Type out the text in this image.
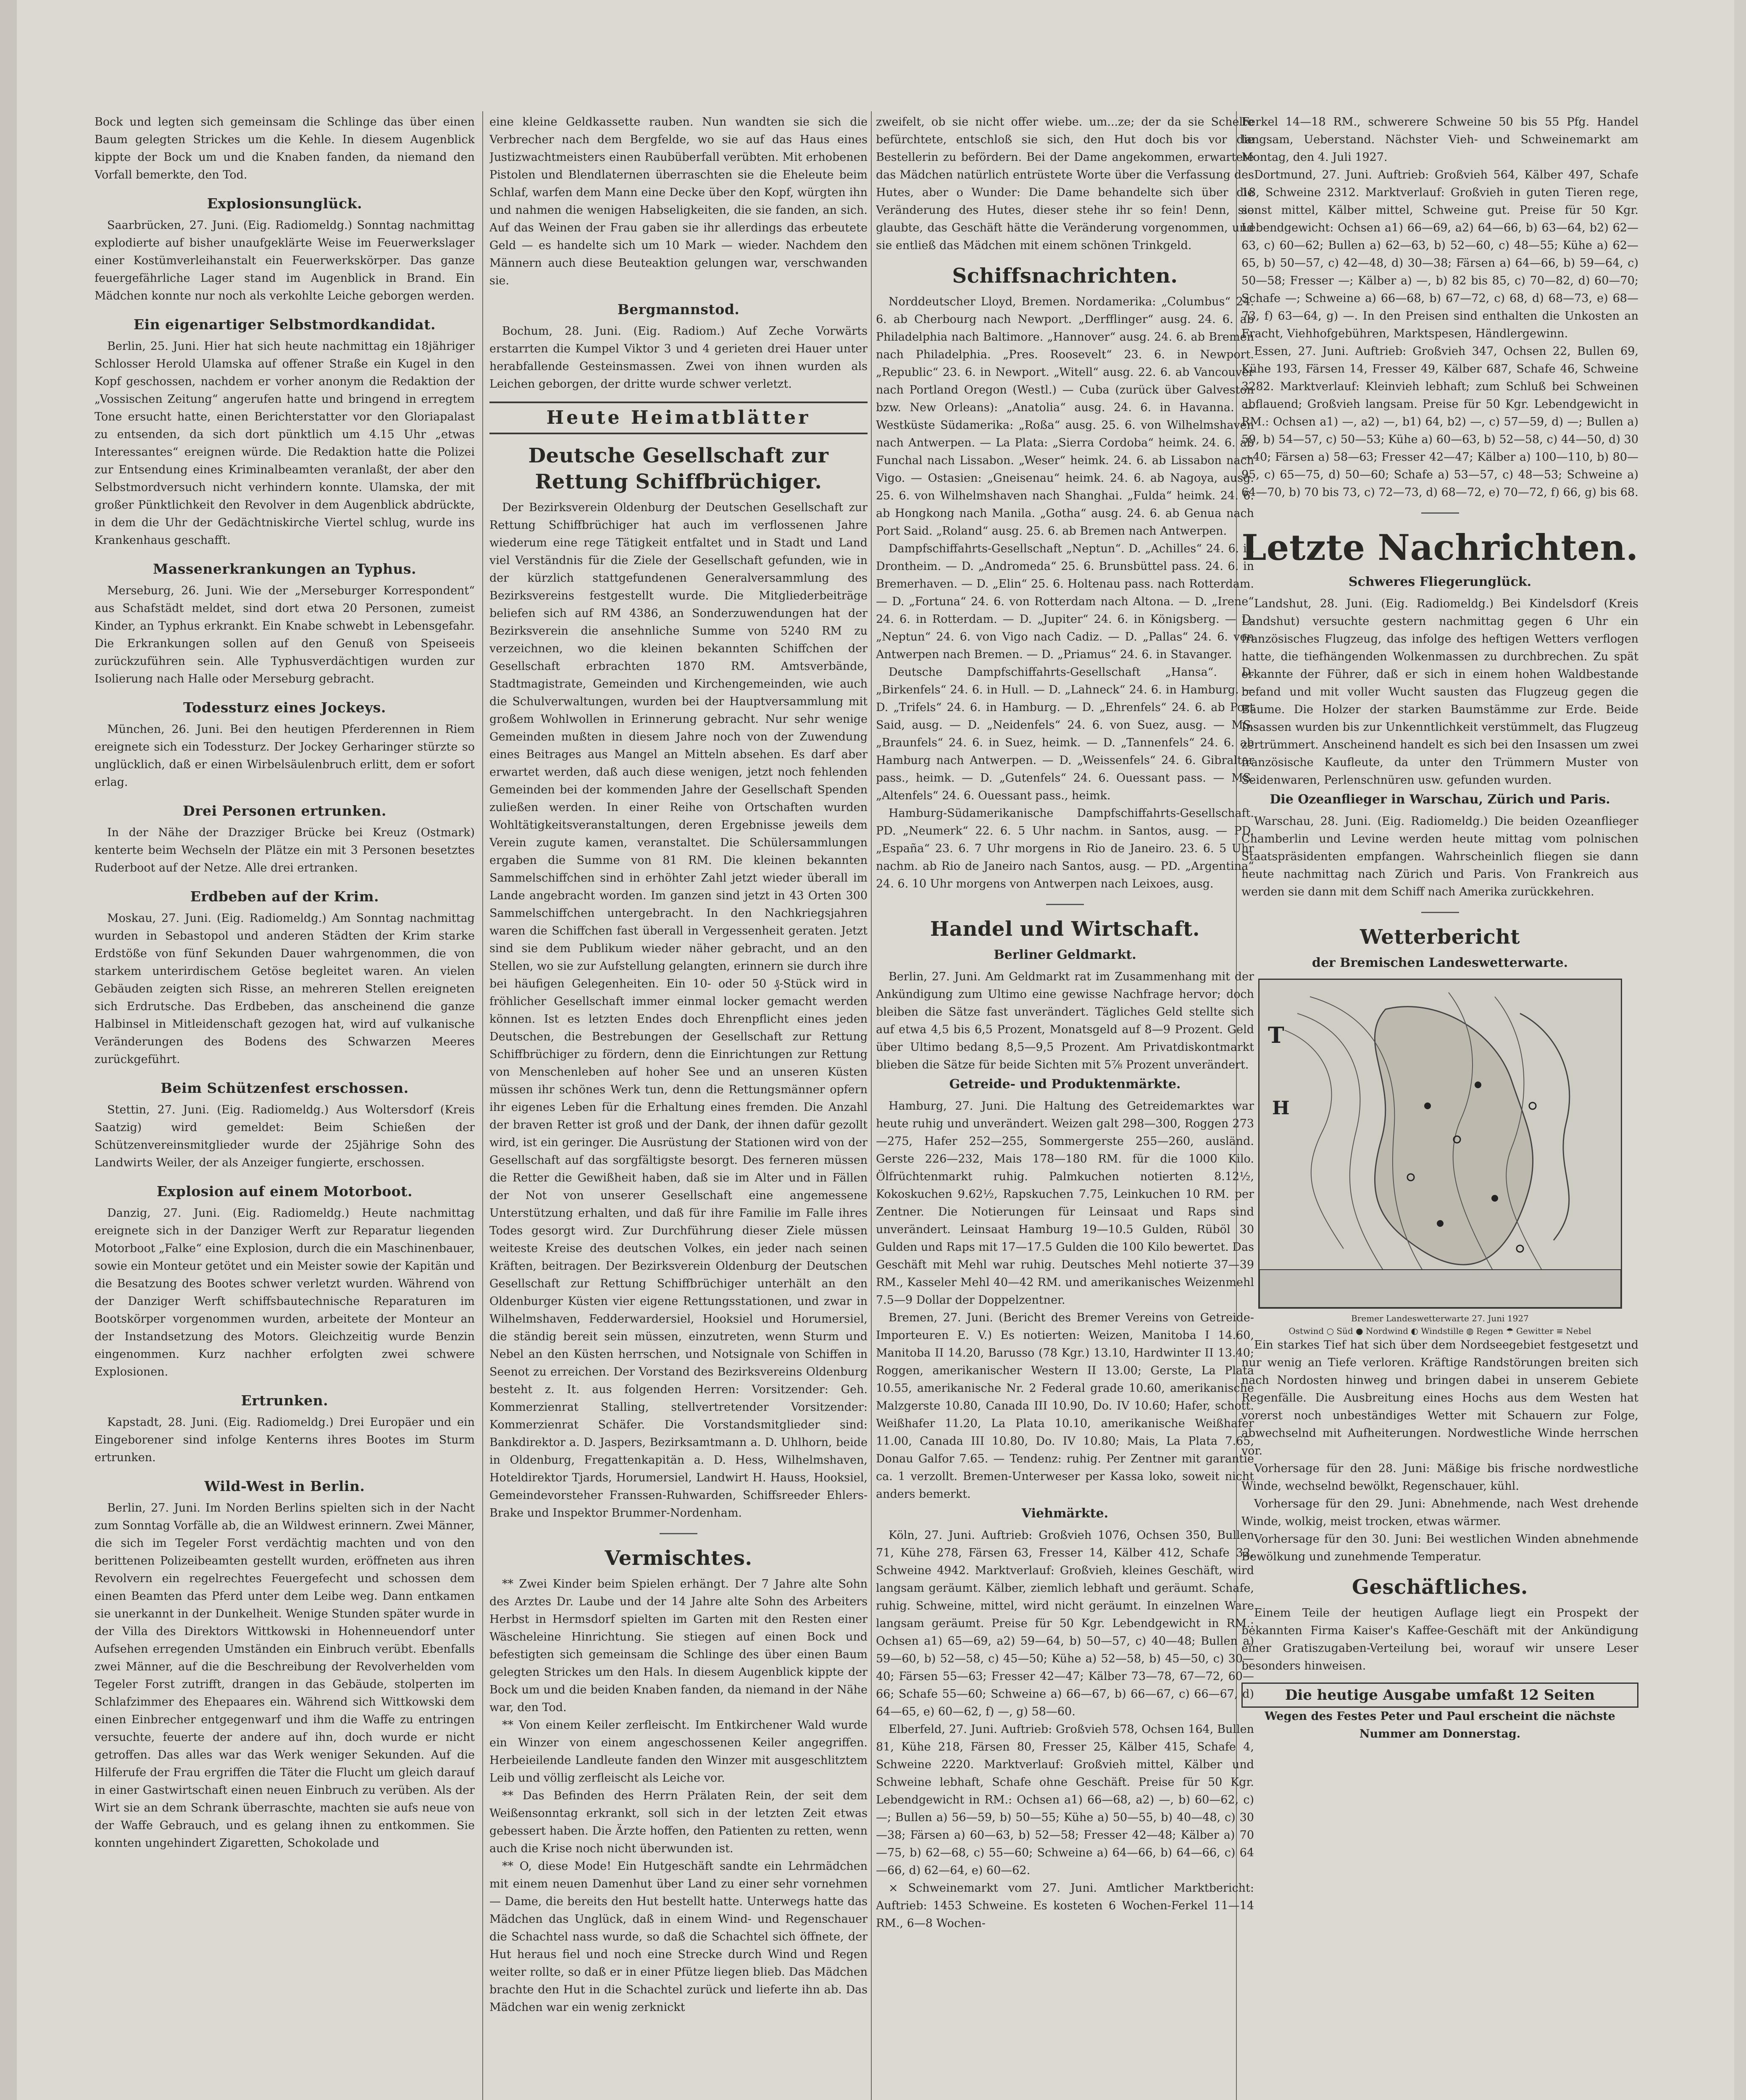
Bock und legten sich gemeinsam die Schlinge das über einen Baum gelegten Strickes um die Kehle. In diesem Augenblick kippte der Bock um und die Knaben fanden, da niemand den Vorfall bemerkte, den Tod.

Explosionsunglück.

Saarbrücken, 27. Juni. (Eig. Radiomeldg.) Sonntag nachmittag explodierte auf bisher unaufgeklärte Weise im Feuerwerkslager einer Kostümverleihanstalt ein Feuerwerkskörper. Das ganze feuergefährliche Lager stand im Augenblick in Brand. Ein Mädchen konnte nur noch als verkohlte Leiche geborgen werden.

Ein eigenartiger Selbstmordkandidat.

Berlin, 25. Juni. Hier hat sich heute nachmittag ein 18jähriger Schlosser Herold Ulamska auf offener Straße ein Kugel in den Kopf geschossen, nachdem er vorher anonym die Redaktion der „Vossischen Zeitung“ angerufen hatte und bringend in erregtem Tone ersucht hatte, einen Berichterstatter vor den Gloriapalast zu entsenden, da sich dort pünktlich um 4.15 Uhr „etwas Interessantes“ ereignen würde. Die Redaktion hatte die Polizei zur Entsendung eines Kriminalbeamten veranlaßt, der aber den Selbstmordversuch nicht verhindern konnte. Ulamska, der mit großer Pünktlichkeit den Revolver in dem Augenblick abdrückte, in dem die Uhr der Gedächtniskirche Viertel schlug, wurde ins Krankenhaus geschafft.

Massenerkrankungen an Typhus.

Merseburg, 26. Juni. Wie der „Merseburger Korrespondent“ aus Schafstädt meldet, sind dort etwa 20 Personen, zumeist Kinder, an Typhus erkrankt. Ein Knabe schwebt in Lebensgefahr. Die Erkrankungen sollen auf den Genuß von Speiseeis zurückzuführen sein. Alle Typhusverdächtigen wurden zur Isolierung nach Halle oder Merseburg gebracht.

Todessturz eines Jockeys.

München, 26. Juni. Bei den heutigen Pferderennen in Riem ereignete sich ein Todessturz. Der Jockey Gerharinger stürzte so unglücklich, daß er einen Wirbelsäulenbruch erlitt, dem er sofort erlag.

Drei Personen ertrunken.

In der Nähe der Drazziger Brücke bei Kreuz (Ostmark) kenterte beim Wechseln der Plätze ein mit 3 Personen besetztes Ruderboot auf der Netze. Alle drei ertranken.

Erdbeben auf der Krim.

Moskau, 27. Juni. (Eig. Radiomeldg.) Am Sonntag nachmittag wurden in Sebastopol und anderen Städten der Krim starke Erdstöße von fünf Sekunden Dauer wahrgenommen, die von starkem unterirdischem Getöse begleitet waren. An vielen Gebäuden zeigten sich Risse, an mehreren Stellen ereigneten sich Erdrutsche. Das Erdbeben, das anscheinend die ganze Halbinsel in Mitleidenschaft gezogen hat, wird auf vulkanische Veränderungen des Bodens des Schwarzen Meeres zurückgeführt.

Beim Schützenfest erschossen.

Stettin, 27. Juni. (Eig. Radiomeldg.) Aus Woltersdorf (Kreis Saatzig) wird gemeldet: Beim Schießen der Schützenvereinsmitglieder wurde der 25jährige Sohn des Landwirts Weiler, der als Anzeiger fungierte, erschossen.

Explosion auf einem Motorboot.

Danzig, 27. Juni. (Eig. Radiomeldg.) Heute nachmittag ereignete sich in der Danziger Werft zur Reparatur liegenden Motorboot „Falke“ eine Explosion, durch die ein Maschinenbauer, sowie ein Monteur getötet und ein Meister sowie der Kapitän und die Besatzung des Bootes schwer verletzt wurden. Während von der Danziger Werft schiffsbautechnische Reparaturen im Bootskörper vorgenommen wurden, arbeitete der Monteur an der Instandsetzung des Motors. Gleichzeitig wurde Benzin eingenommen. Kurz nachher erfolgten zwei schwere Explosionen.

Ertrunken.

Kapstadt, 28. Juni. (Eig. Radiomeldg.) Drei Europäer und ein Eingeborener sind infolge Kenterns ihres Bootes im Sturm ertrunken.

Wild-West in Berlin.

Berlin, 27. Juni. Im Norden Berlins spielten sich in der Nacht zum Sonntag Vorfälle ab, die an Wildwest erinnern. Zwei Männer, die sich im Tegeler Forst verdächtig machten und von den berittenen Polizeibeamten gestellt wurden, eröffneten aus ihren Revolvern ein regelrechtes Feuergefecht und schossen dem einen Beamten das Pferd unter dem Leibe weg. Dann entkamen sie unerkannt in der Dunkelheit. Wenige Stunden später wurde in der Villa des Direktors Wittkowski in Hohenneuendorf unter Aufsehen erregenden Umständen ein Einbruch verübt. Ebenfalls zwei Männer, auf die die Beschreibung der Revolverhelden vom Tegeler Forst zutrifft, drangen in das Gebäude, stolperten im Schlafzimmer des Ehepaares ein. Während sich Wittkowski dem einen Einbrecher entgegenwarf und ihm die Waffe zu entringen versuchte, feuerte der andere auf ihn, doch wurde er nicht getroffen. Das alles war das Werk weniger Sekunden. Auf die Hilferufe der Frau ergriffen die Täter die Flucht um gleich darauf in einer Gastwirtschaft einen neuen Einbruch zu verüben. Als der Wirt sie an dem Schrank überraschte, machten sie aufs neue von der Waffe Gebrauch, und es gelang ihnen zu entkommen. Sie konnten ungehindert Zigaretten, Schokolade und

eine kleine Geldkassette rauben. Nun wandten sie sich die Verbrecher nach dem Bergfelde, wo sie auf das Haus eines Justizwachtmeisters einen Raubüberfall verübten. Mit erhobenen Pistolen und Blendlaternen überraschten sie die Eheleute beim Schlaf, warfen dem Mann eine Decke über den Kopf, würgten ihn und nahmen die wenigen Habseligkeiten, die sie fanden, an sich. Auf das Weinen der Frau gaben sie ihr allerdings das erbeutete Geld — es handelte sich um 10 Mark — wieder. Nachdem den Männern auch diese Beuteaktion gelungen war, verschwanden sie.

Bergmannstod.

Bochum, 28. Juni. (Eig. Radiom.) Auf Zeche Vorwärts erstarrten die Kumpel Viktor 3 und 4 gerieten drei Hauer unter herabfallende Gesteinsmassen. Zwei von ihnen wurden als Leichen geborgen, der dritte wurde schwer verletzt.

Heute Heimatblätter
Deutsche Gesellschaft zur Rettung Schiffbrüchiger.

Der Bezirksverein Oldenburg der Deutschen Gesellschaft zur Rettung Schiffbrüchiger hat auch im verflossenen Jahre wiederum eine rege Tätigkeit entfaltet und in Stadt und Land viel Verständnis für die Ziele der Gesellschaft gefunden, wie in der kürzlich stattgefundenen Generalversammlung des Bezirksvereins festgestellt wurde. Die Mitgliederbeiträge beliefen sich auf RM 4386, an Sonderzuwendungen hat der Bezirksverein die ansehnliche Summe von 5240 RM zu verzeichnen, wo die kleinen bekannten Schiffchen der Gesellschaft erbrachten 1870 RM. Amtsverbände, Stadtmagistrate, Gemeinden und Kirchengemeinden, wie auch die Schulverwaltungen, wurden bei der Hauptversammlung mit großem Wohlwollen in Erinnerung gebracht. Nur sehr wenige Gemeinden mußten in diesem Jahre noch von der Zuwendung eines Beitrages aus Mangel an Mitteln absehen. Es darf aber erwartet werden, daß auch diese wenigen, jetzt noch fehlenden Gemeinden bei der kommenden Jahre der Gesellschaft Spenden zuließen werden. In einer Reihe von Ortschaften wurden Wohltätigkeitsveranstaltungen, deren Ergebnisse jeweils dem Verein zugute kamen, veranstaltet. Die Schülersammlungen ergaben die Summe von 81 RM. Die kleinen bekannten Sammelschiffchen sind in erhöhter Zahl jetzt wieder überall im Lande angebracht worden. Im ganzen sind jetzt in 43 Orten 300 Sammelschiffchen untergebracht. In den Nachkriegsjahren waren die Schiffchen fast überall in Vergessenheit geraten. Jetzt sind sie dem Publikum wieder näher gebracht, und an den Stellen, wo sie zur Aufstellung gelangten, erinnern sie durch ihre bei häufigen Gelegenheiten. Ein 10- oder 50 ₰-Stück wird in fröhlicher Gesellschaft immer einmal locker gemacht werden können. Ist es letzten Endes doch Ehrenpflicht eines jeden Deutschen, die Bestrebungen der Gesellschaft zur Rettung Schiffbrüchiger zu fördern, denn die Einrichtungen zur Rettung von Menschenleben auf hoher See und an unseren Küsten müssen ihr schönes Werk tun, denn die Rettungsmänner opfern ihr eigenes Leben für die Erhaltung eines fremden. Die Anzahl der braven Retter ist groß und der Dank, der ihnen dafür gezollt wird, ist ein geringer. Die Ausrüstung der Stationen wird von der Gesellschaft auf das sorgfältigste besorgt. Des ferneren müssen die Retter die Gewißheit haben, daß sie im Alter und in Fällen der Not von unserer Gesellschaft eine angemessene Unterstützung erhalten, und daß für ihre Familie im Falle ihres Todes gesorgt wird. Zur Durchführung dieser Ziele müssen weiteste Kreise des deutschen Volkes, ein jeder nach seinen Kräften, beitragen. Der Bezirksverein Oldenburg der Deutschen Gesellschaft zur Rettung Schiffbrüchiger unterhält an den Oldenburger Küsten vier eigene Rettungsstationen, und zwar in Wilhelmshaven, Fedderwardersiel, Hooksiel und Horumersiel, die ständig bereit sein müssen, einzutreten, wenn Sturm und Nebel an den Küsten herrschen, und Notsignale von Schiffen in Seenot zu erreichen. Der Vorstand des Bezirksvereins Oldenburg besteht z. It. aus folgenden Herren: Vorsitzender: Geh. Kommerzienrat Stalling, stellvertretender Vorsitzender: Kommerzienrat Schäfer. Die Vorstandsmitglieder sind: Bankdirektor a. D. Jaspers, Bezirksamtmann a. D. Uhlhorn, beide in Oldenburg, Fregattenkapitän a. D. Hess, Wilhelmshaven, Hoteldirektor Tjards, Horumersiel, Landwirt H. Hauss, Hooksiel, Gemeindevorsteher Franssen-Ruhwarden, Schiffsreeder Ehlers-Brake und Inspektor Brummer-Nordenham.

Vermischtes.

** Zwei Kinder beim Spielen erhängt. Der 7 Jahre alte Sohn des Arztes Dr. Laube und der 14 Jahre alte Sohn des Arbeiters Herbst in Hermsdorf spielten im Garten mit den Resten einer Wäscheleine Hinrichtung. Sie stiegen auf einen Bock und befestigten sich gemeinsam die Schlinge des über einen Baum gelegten Strickes um den Hals. In diesem Augenblick kippte der Bock um und die beiden Knaben fanden, da niemand in der Nähe war, den Tod.

** Von einem Keiler zerfleischt. Im Entkirchener Wald wurde ein Winzer von einem angeschossenen Keiler angegriffen. Herbeieilende Landleute fanden den Winzer mit ausgeschlitztem Leib und völlig zerfleischt als Leiche vor.

** Das Befinden des Herrn Prälaten Rein, der seit dem Weißensonntag erkrankt, soll sich in der letzten Zeit etwas gebessert haben. Die Ärzte hoffen, den Patienten zu retten, wenn auch die Krise noch nicht überwunden ist.

** O, diese Mode! Ein Hutgeschäft sandte ein Lehrmädchen mit einem neuen Damenhut über Land zu einer sehr vornehmen — Dame, die bereits den Hut bestellt hatte. Unterwegs hatte das Mädchen das Unglück, daß in einem Wind- und Regenschauer die Schachtel nass wurde, so daß die Schachtel sich öffnete, der Hut heraus fiel und noch eine Strecke durch Wind und Regen weiter rollte, so daß er in einer Pfütze liegen blieb. Das Mädchen brachte den Hut in die Schachtel zurück und lieferte ihn ab. Das Mädchen war ein wenig zerknickt

zweifelt, ob sie nicht offer wiebe. um...ze; der da sie Schelte befürchtete, entschloß sie sich, den Hut doch bis vor die Bestellerin zu befördern. Bei der Dame angekommen, erwartete das Mädchen natürlich entrüstete Worte über die Verfassung des Hutes, aber o Wunder: Die Dame behandelte sich über die Veränderung des Hutes, dieser stehe ihr so fein! Denn, sie glaubte, das Geschäft hätte die Veränderung vorgenommen, und sie entließ das Mädchen mit einem schönen Trinkgeld.

Schiffsnachrichten.

Norddeutscher Lloyd, Bremen. Nordamerika: „Columbus“ 24. 6. ab Cherbourg nach Newport. „Derfflinger“ ausg. 24. 6. ab Philadelphia nach Baltimore. „Hannover“ ausg. 24. 6. ab Bremen nach Philadelphia. „Pres. Roosevelt“ 23. 6. in Newport. „Republic“ 23. 6. in Newport. „Witell“ ausg. 22. 6. ab Vancouver nach Portland Oregon (Westl.) — Cuba (zurück über Galveston bzw. New Orleans): „Anatolia“ ausg. 24. 6. in Havanna. — Westküste Südamerika: „Roßa“ ausg. 25. 6. von Wilhelmshaven nach Antwerpen. — La Plata: „Sierra Cordoba“ heimk. 24. 6. ab Funchal nach Lissabon. „Weser“ heimk. 24. 6. ab Lissabon nach Vigo. — Ostasien: „Gneisenau“ heimk. 24. 6. ab Nagoya, ausg. 25. 6. von Wilhelmshaven nach Shanghai. „Fulda“ heimk. 24. 6. ab Hongkong nach Manila. „Gotha“ ausg. 24. 6. ab Genua nach Port Said. „Roland“ ausg. 25. 6. ab Bremen nach Antwerpen.

Dampfschiffahrts-Gesellschaft „Neptun“. D. „Achilles“ 24. 6. in Drontheim. — D. „Andromeda“ 25. 6. Brunsbüttel pass. 24. 6. in Bremerhaven. — D. „Elin“ 25. 6. Holtenau pass. nach Rotterdam. — D. „Fortuna“ 24. 6. von Rotterdam nach Altona. — D. „Irene“ 24. 6. in Rotterdam. — D. „Jupiter“ 24. 6. in Königsberg. — D. „Neptun“ 24. 6. von Vigo nach Cadiz. — D. „Pallas“ 24. 6. von Antwerpen nach Bremen. — D. „Priamus“ 24. 6. in Stavanger.

Deutsche Dampfschiffahrts-Gesellschaft „Hansa“. D. „Birkenfels“ 24. 6. in Hull. — D. „Lahneck“ 24. 6. in Hamburg. — D. „Trifels“ 24. 6. in Hamburg. — D. „Ehrenfels“ 24. 6. ab Port Said, ausg. — D. „Neidenfels“ 24. 6. von Suez, ausg. — MS. „Braunfels“ 24. 6. in Suez, heimk. — D. „Tannenfels“ 24. 6. ab Hamburg nach Antwerpen. — D. „Weissenfels“ 24. 6. Gibraltar pass., heimk. — D. „Gutenfels“ 24. 6. Ouessant pass. — MS. „Altenfels“ 24. 6. Ouessant pass., heimk.

Hamburg-Südamerikanische Dampfschiffahrts-Gesellschaft. PD. „Neumerk“ 22. 6. 5 Uhr nachm. in Santos, ausg. — PD. „España“ 23. 6. 7 Uhr morgens in Rio de Janeiro. 23. 6. 5 Uhr nachm. ab Rio de Janeiro nach Santos, ausg. — PD. „Argentina“ 24. 6. 10 Uhr morgens von Antwerpen nach Leixoes, ausg.

Handel und Wirtschaft.
Berliner Geldmarkt.

Berlin, 27. Juni. Am Geldmarkt rat im Zusammenhang mit der Ankündigung zum Ultimo eine gewisse Nachfrage hervor; doch bleiben die Sätze fast unverändert. Tägliches Geld stellte sich auf etwa 4,5 bis 6,5 Prozent, Monatsgeld auf 8—9 Prozent. Geld über Ultimo bedang 8,5—9,5 Prozent. Am Privatdiskontmarkt blieben die Sätze für beide Sichten mit 5⅞ Prozent unverändert.

Getreide- und Produktenmärkte.

Hamburg, 27. Juni. Die Haltung des Getreidemarktes war heute ruhig und unverändert. Weizen galt 298—300, Roggen 273—275, Hafer 252—255, Sommergerste 255—260, ausländ. Gerste 226—232, Mais 178—180 RM. für die 1000 Kilo. Ölfrüchtenmarkt ruhig. Palmkuchen notierten 8.12½, Kokoskuchen 9.62½, Rapskuchen 7.75, Leinkuchen 10 RM. per Zentner. Die Notierungen für Leinsaat und Raps sind unverändert. Leinsaat Hamburg 19—10.5 Gulden, Rüböl 30 Gulden und Raps mit 17—17.5 Gulden die 100 Kilo bewertet. Das Geschäft mit Mehl war ruhig. Deutsches Mehl notierte 37—39 RM., Kasseler Mehl 40—42 RM. und amerikanisches Weizenmehl 7.5—9 Dollar der Doppelzentner.

Bremen, 27. Juni. (Bericht des Bremer Vereins von Getreide-Importeuren E. V.) Es notierten: Weizen, Manitoba I 14.60, Manitoba II 14.20, Barusso (78 Kgr.) 13.10, Hardwinter II 13.40; Roggen, amerikanischer Western II 13.00; Gerste, La Plata 10.55, amerikanische Nr. 2 Federal grade 10.60, amerikanische Malzgerste 10.80, Canada III 10.90, Do. IV 10.60; Hafer, schott. Weißhafer 11.20, La Plata 10.10, amerikanische Weißhafer 11.00, Canada III 10.80, Do. IV 10.80; Mais, La Plata 7.65, Donau Galfor 7.65. — Tendenz: ruhig. Per Zentner mit garantie ca. 1 verzollt. Bremen-Unterweser per Kassa loko, soweit nicht anders bemerkt.

Viehmärkte.

Köln, 27. Juni. Auftrieb: Großvieh 1076, Ochsen 350, Bullen 71, Kühe 278, Färsen 63, Fresser 14, Kälber 412, Schafe 32, Schweine 4942. Marktverlauf: Großvieh, kleines Geschäft, wird langsam geräumt. Kälber, ziemlich lebhaft und geräumt. Schafe, ruhig. Schweine, mittel, wird nicht geräumt. In einzelnen Ware langsam geräumt. Preise für 50 Kgr. Lebendgewicht in RM.: Ochsen a1) 65—69, a2) 59—64, b) 50—57, c) 40—48; Bullen a) 59—60, b) 52—58, c) 45—50; Kühe a) 52—58, b) 45—50, c) 30—40; Färsen 55—63; Fresser 42—47; Kälber 73—78, 67—72, 60—66; Schafe 55—60; Schweine a) 66—67, b) 66—67, c) 66—67, d) 64—65, e) 60—62, f) —, g) 58—60.

Elberfeld, 27. Juni. Auftrieb: Großvieh 578, Ochsen 164, Bullen 81, Kühe 218, Färsen 80, Fresser 25, Kälber 415, Schafe 4, Schweine 2220. Marktverlauf: Großvieh mittel, Kälber und Schweine lebhaft, Schafe ohne Geschäft. Preise für 50 Kgr. Lebendgewicht in RM.: Ochsen a1) 66—68, a2) —, b) 60—62, c) —; Bullen a) 56—59, b) 50—55; Kühe a) 50—55, b) 40—48, c) 30—38; Färsen a) 60—63, b) 52—58; Fresser 42—48; Kälber a) 70—75, b) 62—68, c) 55—60; Schweine a) 64—66, b) 64—66, c) 64—66, d) 62—64, e) 60—62.

× Schweinemarkt vom 27. Juni. Amtlicher Marktbericht: Auftrieb: 1453 Schweine. Es kosteten 6 Wochen-Ferkel 11—14 RM., 6—8 Wochen-

Ferkel 14—18 RM., schwerere Schweine 50 bis 55 Pfg. Handel langsam, Ueberstand. Nächster Vieh- und Schweinemarkt am Montag, den 4. Juli 1927.

Dortmund, 27. Juni. Auftrieb: Großvieh 564, Kälber 497, Schafe 18, Schweine 2312. Marktverlauf: Großvieh in guten Tieren rege, sonst mittel, Kälber mittel, Schweine gut. Preise für 50 Kgr. Lebendgewicht: Ochsen a1) 66—69, a2) 64—66, b) 63—64, b2) 62—63, c) 60—62; Bullen a) 62—63, b) 52—60, c) 48—55; Kühe a) 62—65, b) 50—57, c) 42—48, d) 30—38; Färsen a) 64—66, b) 59—64, c) 50—58; Fresser —; Kälber a) —, b) 82 bis 85, c) 70—82, d) 60—70; Schafe —; Schweine a) 66—68, b) 67—72, c) 68, d) 68—73, e) 68—73, f) 63—64, g) —. In den Preisen sind enthalten die Unkosten an Fracht, Viehhofgebühren, Marktspesen, Händlergewinn.

Essen, 27. Juni. Auftrieb: Großvieh 347, Ochsen 22, Bullen 69, Kühe 193, Färsen 14, Fresser 49, Kälber 687, Schafe 46, Schweine 3282. Marktverlauf: Kleinvieh lebhaft; zum Schluß bei Schweinen abflauend; Großvieh langsam. Preise für 50 Kgr. Lebendgewicht in RM.: Ochsen a1) —, a2) —, b1) 64, b2) —, c) 57—59, d) —; Bullen a) 59, b) 54—57, c) 50—53; Kühe a) 60—63, b) 52—58, c) 44—50, d) 30—40; Färsen a) 58—63; Fresser 42—47; Kälber a) 100—110, b) 80—95, c) 65—75, d) 50—60; Schafe a) 53—57, c) 48—53; Schweine a) 64—70, b) 70 bis 73, c) 72—73, d) 68—72, e) 70—72, f) 66, g) bis 68.

Letzte Nachrichten.
Schweres Fliegerunglück.

Landshut, 28. Juni. (Eig. Radiomeldg.) Bei Kindelsdorf (Kreis Landshut) versuchte gestern nachmittag gegen 6 Uhr ein französisches Flugzeug, das infolge des heftigen Wetters verflogen hatte, die tiefhängenden Wolkenmassen zu durchbrechen. Zu spät erkannte der Führer, daß er sich in einem hohen Waldbestande befand und mit voller Wucht sausten das Flugzeug gegen die Bäume. Die Holzer der starken Baumstämme zur Erde. Beide Insassen wurden bis zur Unkenntlichkeit verstümmelt, das Flugzeug zertrümmert. Anscheinend handelt es sich bei den Insassen um zwei französische Kaufleute, da unter den Trümmern Muster von Seidenwaren, Perlenschnüren usw. gefunden wurden.

Die Ozeanflieger in Warschau, Zürich und Paris.

Warschau, 28. Juni. (Eig. Radiomeldg.) Die beiden Ozeanflieger Chamberlin und Levine werden heute mittag vom polnischen Staatspräsidenten empfangen. Wahrscheinlich fliegen sie dann heute nachmittag nach Zürich und Paris. Von Frankreich aus werden sie dann mit dem Schiff nach Amerika zurückkehren.

Wetterbericht
der Bremischen Landeswetterwarte.
T
H
Bremer Landeswetterwarte 27. Juni 1927
Ostwind ○ Süd ● Nordwind ◐ Windstille ◍ Regen ☂ Gewitter ≡ Nebel

Ein starkes Tief hat sich über dem Nordseegebiet festgesetzt und nur wenig an Tiefe verloren. Kräftige Randstörungen breiten sich nach Nordosten hinweg und bringen dabei in unserem Gebiete Regenfälle. Die Ausbreitung eines Hochs aus dem Westen hat vorerst noch unbeständiges Wetter mit Schauern zur Folge, abwechselnd mit Aufheiterungen. Nordwestliche Winde herrschen vor.

Vorhersage für den 28. Juni: Mäßige bis frische nordwestliche Winde, wechselnd bewölkt, Regenschauer, kühl.

Vorhersage für den 29. Juni: Abnehmende, nach West drehende Winde, wolkig, meist trocken, etwas wärmer.

Vorhersage für den 30. Juni: Bei westlichen Winden abnehmende Bewölkung und zunehmende Temperatur.

Geschäftliches.

Einem Teile der heutigen Auflage liegt ein Prospekt der bekannten Firma Kaiser's Kaffee-Geschäft mit der Ankündigung einer Gratiszugaben-Verteilung bei, worauf wir unsere Leser besonders hinweisen.

Die heutige Ausgabe umfaßt 12 Seiten

Wegen des Festes Peter und Paul erscheint die nächste Nummer am Donnerstag.
